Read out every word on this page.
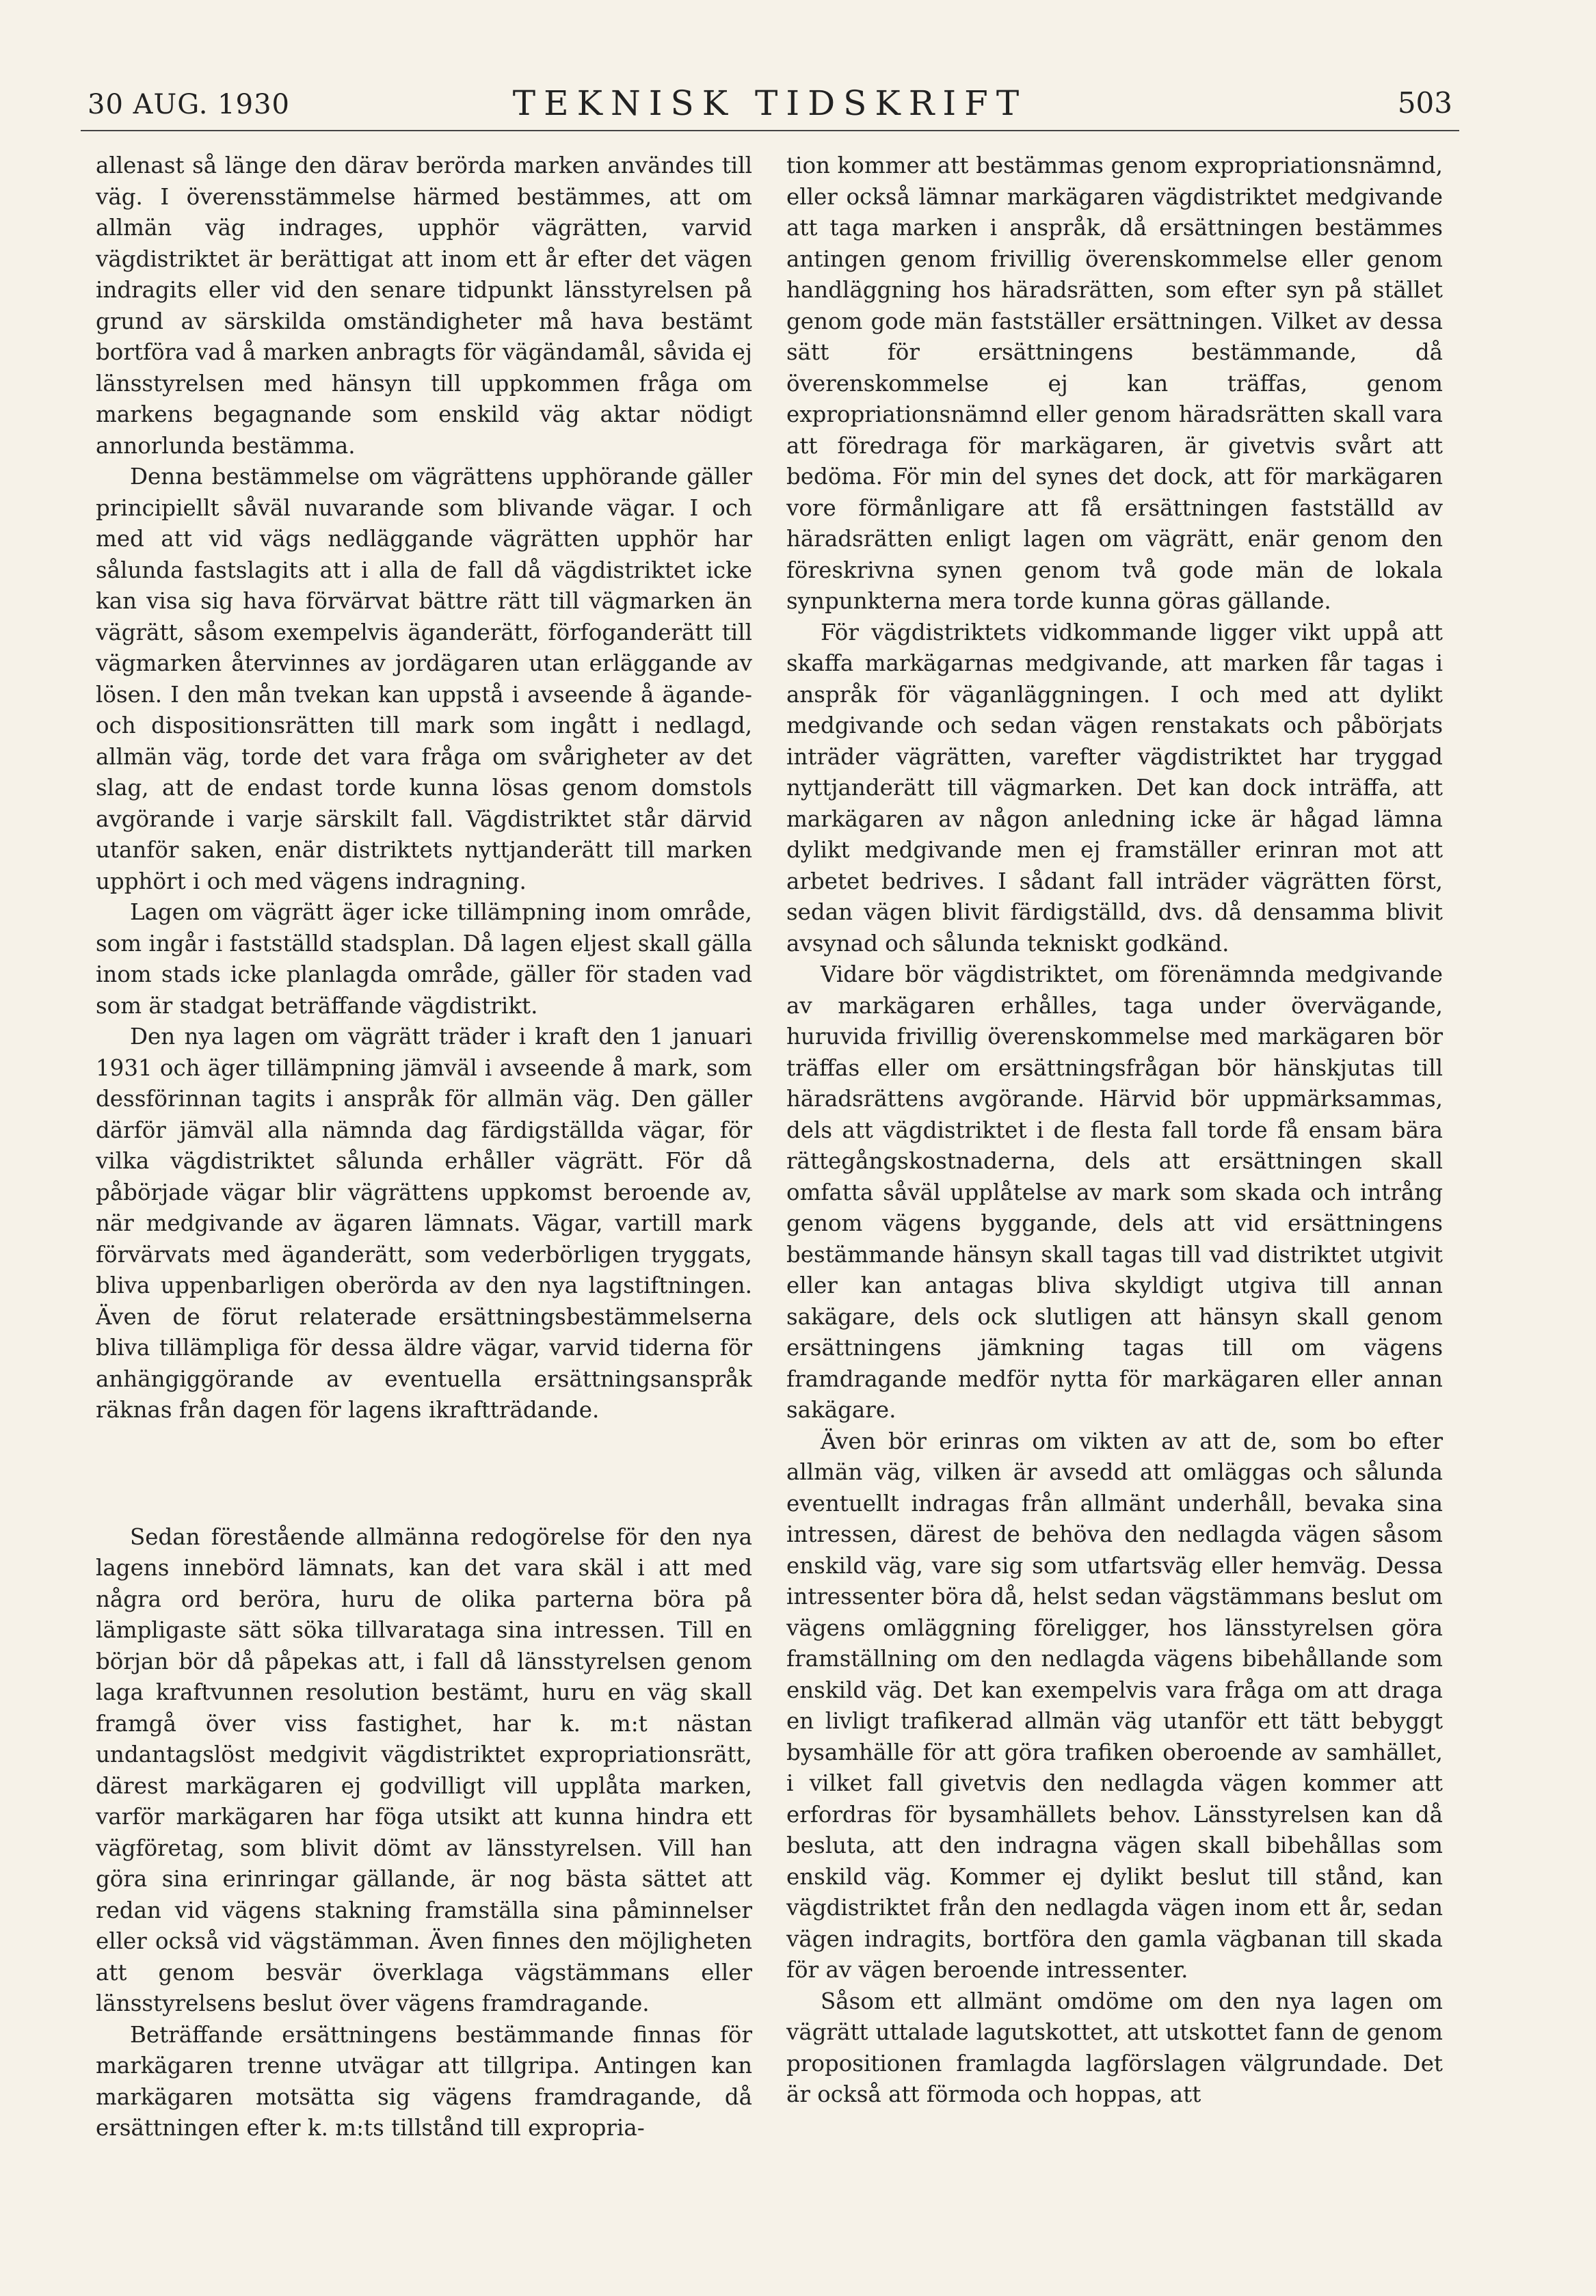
30 AUG. 1930	TEKNISK TIDSKRIFT	503

allenast så länge den därav berörda marken användes till väg. I överensstämmelse härmed bestämmes, att om allmän väg indrages, upphör vägrätten, varvid vägdistriktet är berättigat att inom ett år efter det vägen indragits eller vid den senare tidpunkt länsstyrelsen på grund av särskilda omständigheter må hava bestämt bortföra vad å marken anbragts för vägändamål, såvida ej länsstyrelsen med hänsyn till uppkommen fråga om markens begagnande som enskild väg aktar nödigt annorlunda bestämma.

Denna bestämmelse om vägrättens upphörande gäller principiellt såväl nuvarande som blivande vägar. I och med att vid vägs nedläggande vägrätten upphör har sålunda fastslagits att i alla de fall då vägdistriktet icke kan visa sig hava förvärvat bättre rätt till vägmarken än vägrätt, såsom exempelvis äganderätt, förfoganderätt till vägmarken återvinnes av jordägaren utan erläggande av lösen. I den mån tvekan kan uppstå i avseende å ägande- och dispositionsrätten till mark som ingått i nedlagd, allmän väg, torde det vara fråga om svårigheter av det slag, att de endast torde kunna lösas genom domstols avgörande i varje särskilt fall. Vägdistriktet står därvid utanför saken, enär distriktets nyttjanderätt till marken upphört i och med vägens indragning.

Lagen om vägrätt äger icke tillämpning inom område, som ingår i fastställd stadsplan. Då lagen eljest skall gälla inom stads icke planlagda område, gäller för staden vad som är stadgat beträffande vägdistrikt.

Den nya lagen om vägrätt träder i kraft den 1 januari 1931 och äger tillämpning jämväl i avseende å mark, som dessförinnan tagits i anspråk för allmän väg. Den gäller därför jämväl alla nämnda dag färdigställda vägar, för vilka vägdistriktet sålunda erhåller vägrätt. För då påbörjade vägar blir vägrättens uppkomst beroende av, när medgivande av ägaren lämnats. Vägar, vartill mark förvärvats med äganderätt, som vederbörligen tryggats, bliva uppenbarligen oberörda av den nya lagstiftningen. Även de förut relaterade ersättningsbestämmelserna bliva tillämpliga för dessa äldre vägar, varvid tiderna för anhängiggörande av eventuella ersättningsanspråk räknas från dagen för lagens ikraftträdande.

Sedan förestående allmänna redogörelse för den nya lagens innebörd lämnats, kan det vara skäl i att med några ord beröra, huru de olika parterna böra på lämpligaste sätt söka tillvaratagа sina intressen. Till en början bör då påpekas att, i fall då länsstyrelsen genom laga kraftvunnen resolution bestämt, huru en väg skall framgå över viss fastighet, har k. m:t nästan undantagslöst medgivit vägdistriktet expropriationsrätt, därest markägaren ej godvilligt vill upplåta marken, varför markägaren har föga utsikt att kunna hindra ett vägföretag, som blivit dömt av länsstyrelsen. Vill han göra sina erinringar gällande, är nog bästa sättet att redan vid vägens stakning framställa sina påminnelser eller också vid vägstämman. Även finnes den möjligheten att genom besvär överklaga vägstämmans eller länsstyrelsens beslut över vägens framdragande.

Beträffande ersättningens bestämmande finnas för markägaren trenne utvägar att tillgripa. Antingen kan markägaren motsätta sig vägens framdragande, då ersättningen efter k. m:ts tillstånd till expropria-

tion kommer att bestämmas genom expropriationsnämnd, eller också lämnar markägaren vägdistriktet medgivande att taga marken i anspråk, då ersättningen bestämmes antingen genom frivillig överenskommelse eller genom handläggning hos häradsrätten, som efter syn på stället genom gode män fastställer ersättningen. Vilket av dessa sätt för ersättningens bestämmande, då överenskommelse ej kan träffas, genom expropriationsnämnd eller genom häradsrätten skall vara att föredraga för markägaren, är givetvis svårt att bedöma. För min del synes det dock, att för markägaren vore förmånligare att få ersättningen fastställd av häradsrätten enligt lagen om vägrätt, enär genom den föreskrivna synen genom två gode män de lokala synpunkterna mera torde kunna göras gällande.

För vägdistriktets vidkommande ligger vikt uppå att skaffa markägarnas medgivande, att marken får tagas i anspråk för väganläggningen. I och med att dylikt medgivande och sedan vägen renstakats och påbörjats inträder vägrätten, varefter vägdistriktet har tryggad nyttjanderätt till vägmarken. Det kan dock inträffa, att markägaren av någon anledning icke är hågad lämna dylikt medgivande men ej framställer erinran mot att arbetet bedrives. I sådant fall inträder vägrätten först, sedan vägen blivit färdigställd, dvs. då densamma blivit avsynad och sålunda tekniskt godkänd.

Vidare bör vägdistriktet, om förenämnda medgivande av markägaren erhålles, taga under övervägande, huruvida frivillig överenskommelse med markägaren bör träffas eller om ersättningsfrågan bör hänskjutas till häradsrättens avgörande. Härvid bör uppmärksammas, dels att vägdistriktet i de flesta fall torde få ensam bära rättegångskostnaderna, dels att ersättningen skall omfatta såväl upplåtelse av mark som skada och intrång genom vägens byggande, dels att vid ersättningens bestämmande hänsyn skall tagas till vad distriktet utgivit eller kan antagas bliva skyldigt utgiva till annan sakägare, dels ock slutligen att hänsyn skall genom ersättningens jämkning tagas till om vägens framdragande medför nytta för markägaren eller annan sakägare.

Även bör erinras om vikten av att de, som bo efter allmän väg, vilken är avsedd att omläggas och sålunda eventuellt indragas från allmänt underhåll, bevaka sina intressen, därest de behöva den nedlagda vägen såsom enskild väg, vare sig som utfartsväg eller hemväg. Dessa intressenter böra då, helst sedan vägstämmans beslut om vägens omläggning föreligger, hos länsstyrelsen göra framställning om den nedlagda vägens bibehållande som enskild väg. Det kan exempelvis vara fråga om att draga en livligt trafikerad allmän väg utanför ett tätt bebyggt bysamhälle för att göra trafiken oberoende av samhället, i vilket fall givetvis den nedlagda vägen kommer att erfordras för bysamhällets behov. Länsstyrelsen kan då besluta, att den indragna vägen skall bibehållas som enskild väg. Kommer ej dylikt beslut till stånd, kan vägdistriktet från den nedlagda vägen inom ett år, sedan vägen indragits, bortföra den gamla vägbanan till skada för av vägen beroende intressenter.

Såsom ett allmänt omdöme om den nya lagen om vägrätt uttalade lagutskottet, att utskottet fann de genom propositionen framlagda lagförslagen välgrundade. Det är också att förmoda och hoppas, att
